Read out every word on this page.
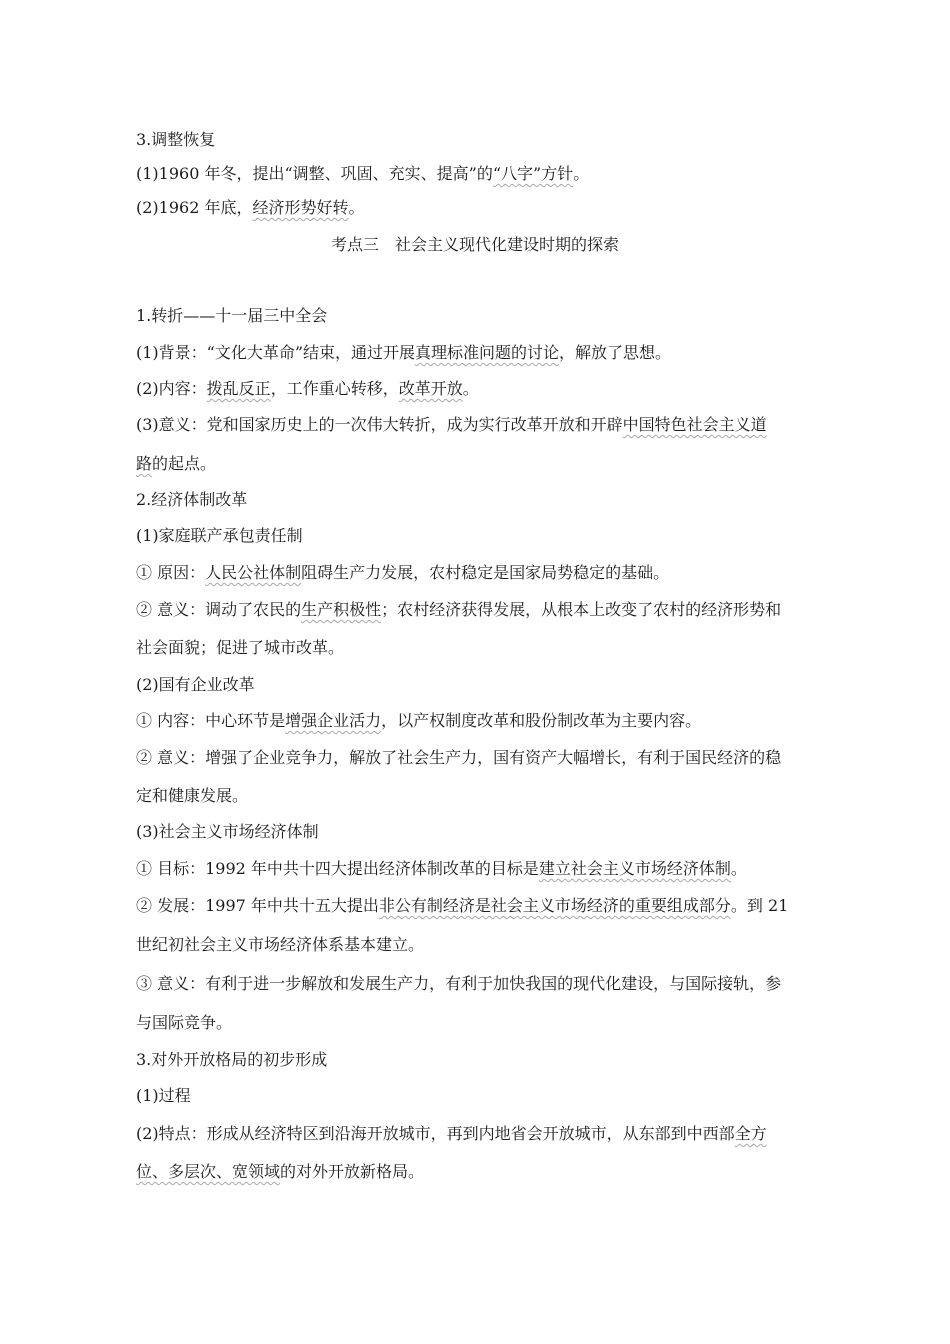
3.调整恢复
(1)1960 年冬，提出“调整、巩固、充实、提高”的“八字”方针。
(2)1962 年底，经济形势好转。
考点三　社会主义现代化建设时期的探索
1.转折——十一届三中全会
(1)背景：“文化大革命”结束，通过开展真理标准问题的讨论，解放了思想。
(2)内容：拨乱反正，工作重心转移，改革开放。
(3)意义：党和国家历史上的一次伟大转折，成为实行改革开放和开辟中国特色社会主义道
路的起点。
2.经济体制改革
(1)家庭联产承包责任制
① 原因：人民公社体制阻碍生产力发展，农村稳定是国家局势稳定的基础。
② 意义：调动了农民的生产积极性；农村经济获得发展，从根本上改变了农村的经济形势和
社会面貌；促进了城市改革。
(2)国有企业改革
① 内容：中心环节是增强企业活力，以产权制度改革和股份制改革为主要内容。
② 意义：增强了企业竞争力，解放了社会生产力，国有资产大幅增长，有利于国民经济的稳
定和健康发展。
(3)社会主义市场经济体制
① 目标：1992 年中共十四大提出经济体制改革的目标是建立社会主义市场经济体制。
② 发展：1997 年中共十五大提出非公有制经济是社会主义市场经济的重要组成部分。到 21
世纪初社会主义市场经济体系基本建立。
③ 意义：有利于进一步解放和发展生产力，有利于加快我国的现代化建设，与国际接轨，参
与国际竞争。
3.对外开放格局的初步形成
(1)过程
(2)特点：形成从经济特区到沿海开放城市，再到内地省会开放城市，从东部到中西部全方
位、多层次、宽领域的对外开放新格局。
